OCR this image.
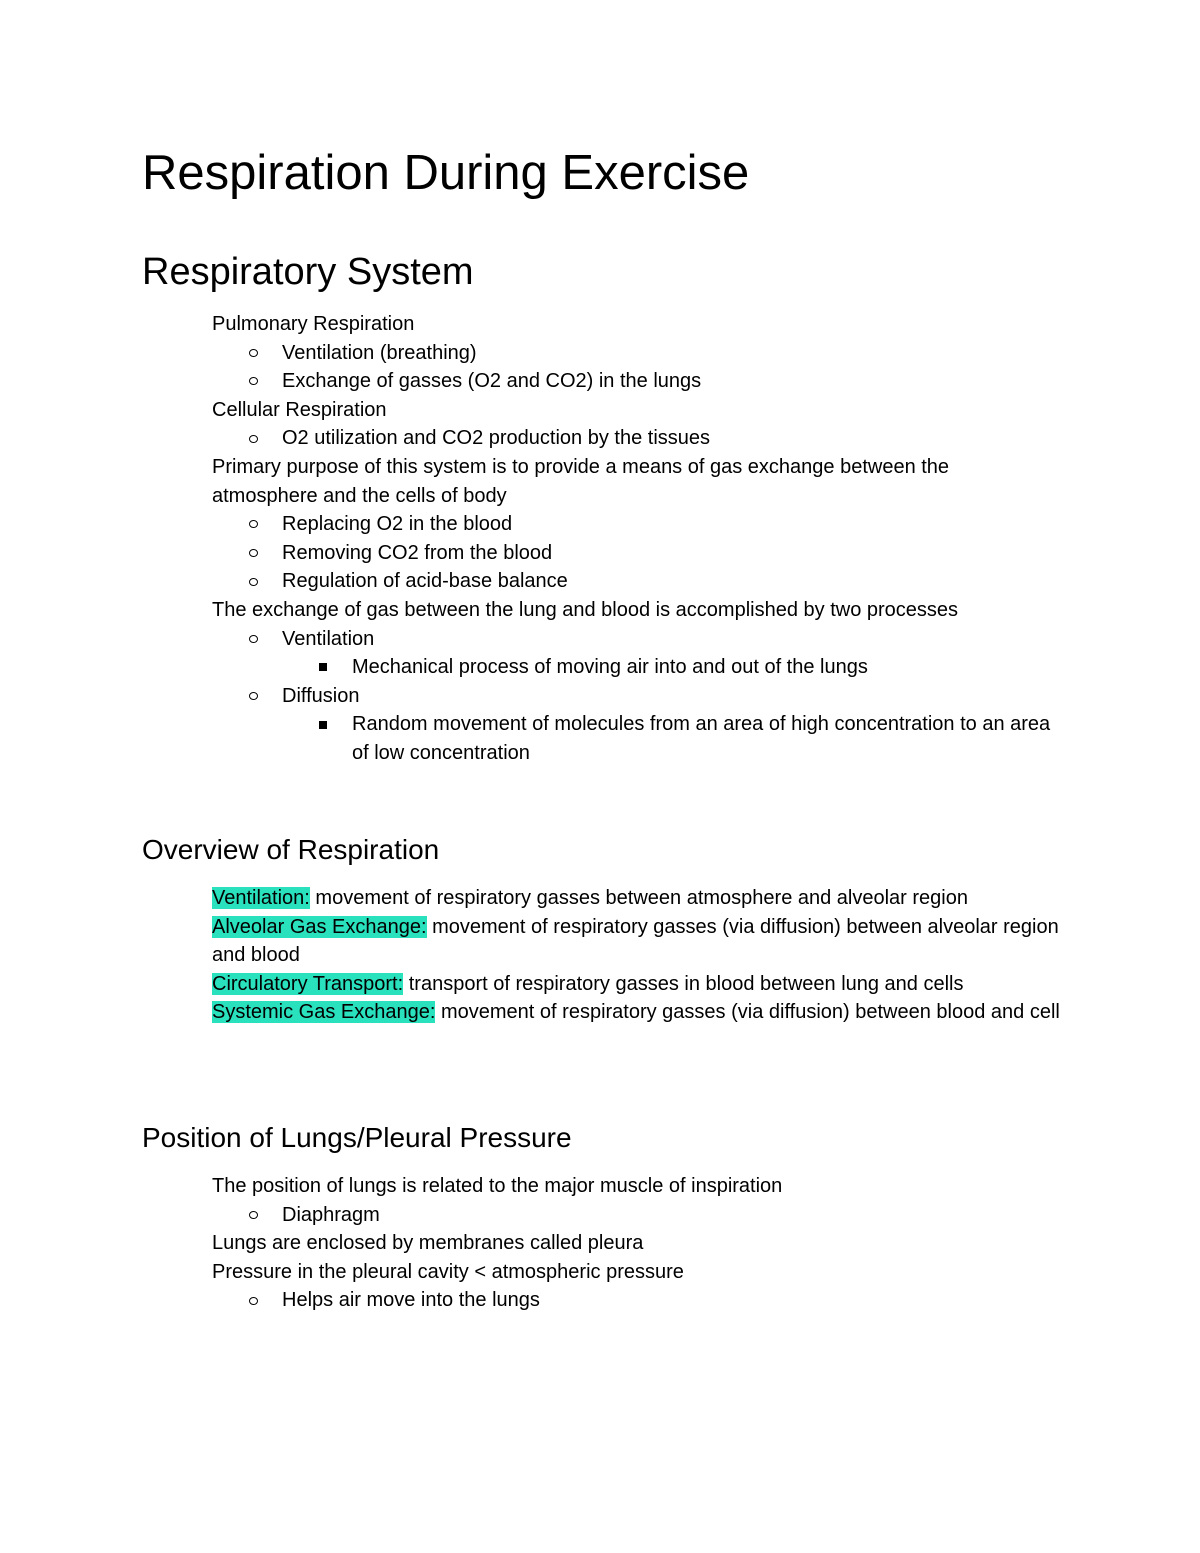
Respiration During Exercise
Respiratory System
Pulmonary Respiration
Ventilation (breathing)
Exchange of gasses (O2 and CO2) in the lungs
Cellular Respiration
O2 utilization and CO2 production by the tissues
Primary purpose of this system is to provide a means of gas exchange between the atmosphere and the cells of body
Replacing O2 in the blood
Removing CO2 from the blood
Regulation of acid-base balance
The exchange of gas between the lung and blood is accomplished by two processes
Ventilation
Mechanical process of moving air into and out of the lungs
Diffusion
Random movement of molecules from an area of high concentration to an area of low concentration
Overview of Respiration
Ventilation: movement of respiratory gasses between atmosphere and alveolar region
Alveolar Gas Exchange: movement of respiratory gasses (via diffusion) between alveolar region and blood
Circulatory Transport: transport of respiratory gasses in blood between lung and cells
Systemic Gas Exchange: movement of respiratory gasses (via diffusion) between blood and cell
Position of Lungs/Pleural Pressure
The position of lungs is related to the major muscle of inspiration
Diaphragm
Lungs are enclosed by membranes called pleura
Pressure in the pleural cavity < atmospheric pressure
Helps air move into the lungs
